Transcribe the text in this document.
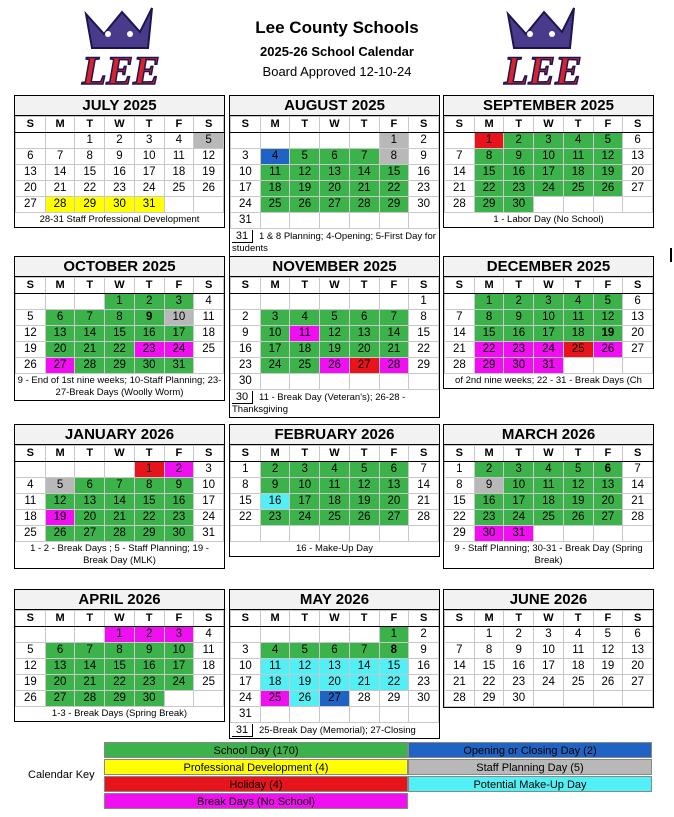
LEE
Lee County Schools
2025-26 School Calendar
Board Approved 12-10-24	LEE
JULY 2025
S	M	T	W	T	F	S
		1	2	3	4	5
6	7	8	9	10	11	12
13	14	15	16	17	18	19
20	21	22	23	24	25	26
27	28	29	30	31		
28-31 Staff Professional Development
AUGUST 2025
S	M	T	W	T	F	S
					1	2
3	4	5	6	7	8	9
10	11	12	13	14	15	16
17	18	19	20	21	22	23
24	25	26	27	28	29	30
31						
31 1 & 8 Planning; 4-Opening; 5-First Day for students
SEPTEMBER 2025
S	M	T	W	T	F	S
	1	2	3	4	5	6
7	8	9	10	11	12	13
14	15	16	17	18	19	20
21	22	23	24	25	26	27
28	29	30				
1 - Labor Day (No School)
OCTOBER 2025
S	M	T	W	T	F	S
			1	2	3	4
5	6	7	8	9	10	11
12	13	14	15	16	17	18
19	20	21	22	23	24	25
26	27	28	29	30	31	
9 - End of 1st nine weeks; 10-Staff Planning; 23-27-Break Days (Woolly Worm)
NOVEMBER 2025
S	M	T	W	T	F	S
						1
2	3	4	5	6	7	8
9	10	11	12	13	14	15
16	17	18	19	20	21	22
23	24	25	26	27	28	29
30						
30 11 - Break Day (Veteran's); 26-28 - Thanksgiving
DECEMBER 2025
S	M	T	W	T	F	S
	1	2	3	4	5	6
7	8	9	10	11	12	13
14	15	16	17	18	19	20
21	22	23	24	25	26	27
28	29	30	31			
of 2nd nine weeks; 22 - 31 - Break Days (Ch
JANUARY 2026
S	M	T	W	T	F	S
				1	2	3
4	5	6	7	8	9	10
11	12	13	14	15	16	17
18	19	20	21	22	23	24
25	26	27	28	29	30	31
1 - 2 - Break Days ; 5 - Staff Planning; 19 - Break Day (MLK)
FEBRUARY 2026
S	M	T	W	T	F	S
1	2	3	4	5	6	7
8	9	10	11	12	13	14
15	16	17	18	19	20	21
22	23	24	25	26	27	28

16 - Make-Up Day
MARCH 2026
S	M	T	W	T	F	S
1	2	3	4	5	6	7
8	9	10	11	12	13	14
15	16	17	18	19	20	21
22	23	24	25	26	27	28
29	30	31				
9 - Staff Planning; 30-31 - Break Day (Spring Break)
APRIL 2026
S	M	T	W	T	F	S
			1	2	3	4
5	6	7	8	9	10	11
12	13	14	15	16	17	18
19	20	21	22	23	24	25
26	27	28	29	30		
1-3 - Break Days (Spring Break)
MAY 2026
S	M	T	W	T	F	S
					1	2
3	4	5	6	7	8	9
10	11	12	13	14	15	16
17	18	19	20	21	22	23
24	25	26	27	28	29	30
31						
31 25-Break Day (Memorial); 27-Closing
JUNE 2026
S	M	T	W	T	F	S
	1	2	3	4	5	6
7	8	9	10	11	12	13
14	15	16	17	18	19	20
21	22	23	24	25	26	27
28	29	30				
Calendar Key
School Day (170)	Opening or Closing Day (2)
Professional Development (4)	Staff Planning Day (5)
Holiday (4)	Potential Make-Up Day
Break Days (No School)
